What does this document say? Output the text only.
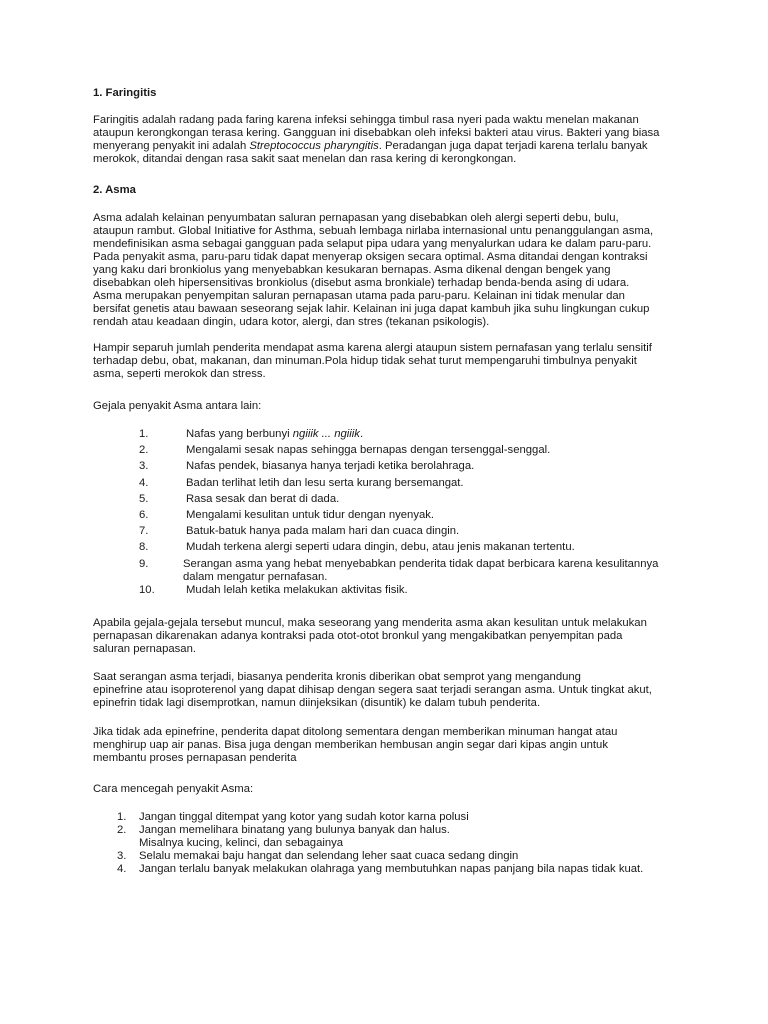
1. Faringitis

Faringitis adalah radang pada faring karena infeksi sehingga timbul rasa nyeri pada waktu menelan makanan
ataupun kerongkongan terasa kering. Gangguan ini disebabkan oleh infeksi bakteri atau virus. Bakteri yang biasa
menyerang penyakit ini adalah Streptococcus pharyngitis. Peradangan juga dapat terjadi karena terlalu banyak
merokok, ditandai dengan rasa sakit saat menelan dan rasa kering di kerongkongan.

2. Asma

Asma adalah kelainan penyumbatan saluran pernapasan yang disebabkan oleh alergi seperti debu, bulu,
ataupun rambut. Global Initiative for Asthma, sebuah lembaga nirlaba internasional untu penanggulangan asma,
mendefinisikan asma sebagai gangguan pada selaput pipa udara yang menyalurkan udara ke dalam paru-paru.
Pada penyakit asma, paru-paru tidak dapat menyerap oksigen secara optimal. Asma ditandai dengan kontraksi
yang kaku dari bronkiolus yang menyebabkan kesukaran bernapas. Asma dikenal dengan bengek yang
disebabkan oleh hipersensitivas bronkiolus (disebut asma bronkiale) terhadap benda-benda asing di udara.
Asma merupakan penyempitan saluran pernapasan utama pada paru-paru. Kelainan ini tidak menular dan
bersifat genetis atau bawaan seseorang sejak lahir. Kelainan ini juga dapat kambuh jika suhu lingkungan cukup
rendah atau keadaan dingin, udara kotor, alergi, dan stres (tekanan psikologis).

Hampir separuh jumlah penderita mendapat asma karena alergi ataupun sistem pernafasan yang terlalu sensitif
terhadap debu, obat, makanan, dan minuman.Pola hidup tidak sehat turut mempengaruhi timbulnya penyakit
asma, seperti merokok dan stress.

Gejala penyakit Asma antara lain:
1.	Nafas yang berbunyi ngiiik ... ngiiik.
2.	Mengalami sesak napas sehingga bernapas dengan tersenggal-senggal.
3.	Nafas pendek, biasanya hanya terjadi ketika berolahraga.
4.	Badan terlihat letih dan lesu serta kurang bersemangat.
5.	Rasa sesak dan berat di dada.
6.	Mengalami kesulitan untuk tidur dengan nyenyak.
7.	Batuk-batuk hanya pada malam hari dan cuaca dingin.
8.	Mudah terkena alergi seperti udara dingin, debu, atau jenis makanan tertentu.
9.	Serangan asma yang hebat menyebabkan penderita tidak dapat berbicara karena kesulitannya
dalam mengatur pernafasan.
10.	Mudah lelah ketika melakukan aktivitas fisik.

Apabila gejala-gejala tersebut muncul, maka seseorang yang menderita asma akan kesulitan untuk melakukan
pernapasan dikarenakan adanya kontraksi pada otot-otot bronkul yang mengakibatkan penyempitan pada
saluran pernapasan.

Saat serangan asma terjadi, biasanya penderita kronis diberikan obat semprot yang mengandung
epinefrine atau isoproterenol yang dapat dihisap dengan segera saat terjadi serangan asma. Untuk tingkat akut,
epinefrin tidak lagi disemprotkan, namun diinjeksikan (disuntik) ke dalam tubuh penderita.

Jika tidak ada epinefrine, penderita dapat ditolong sementara dengan memberikan minuman hangat atau
menghirup uap air panas. Bisa juga dengan memberikan hembusan angin segar dari kipas angin untuk
membantu proses pernapasan penderita

Cara mencegah penyakit Asma:
1. Jangan tinggal ditempat yang kotor yang sudah kotor karna polusi
2. Jangan memelihara binatang yang bulunya banyak dan halus.
Misalnya kucing, kelinci, dan sebagainya
3. Selalu memakai baju hangat dan selendang leher saat cuaca sedang dingin
4. Jangan terlalu banyak melakukan olahraga yang membutuhkan napas panjang bila napas tidak kuat.
